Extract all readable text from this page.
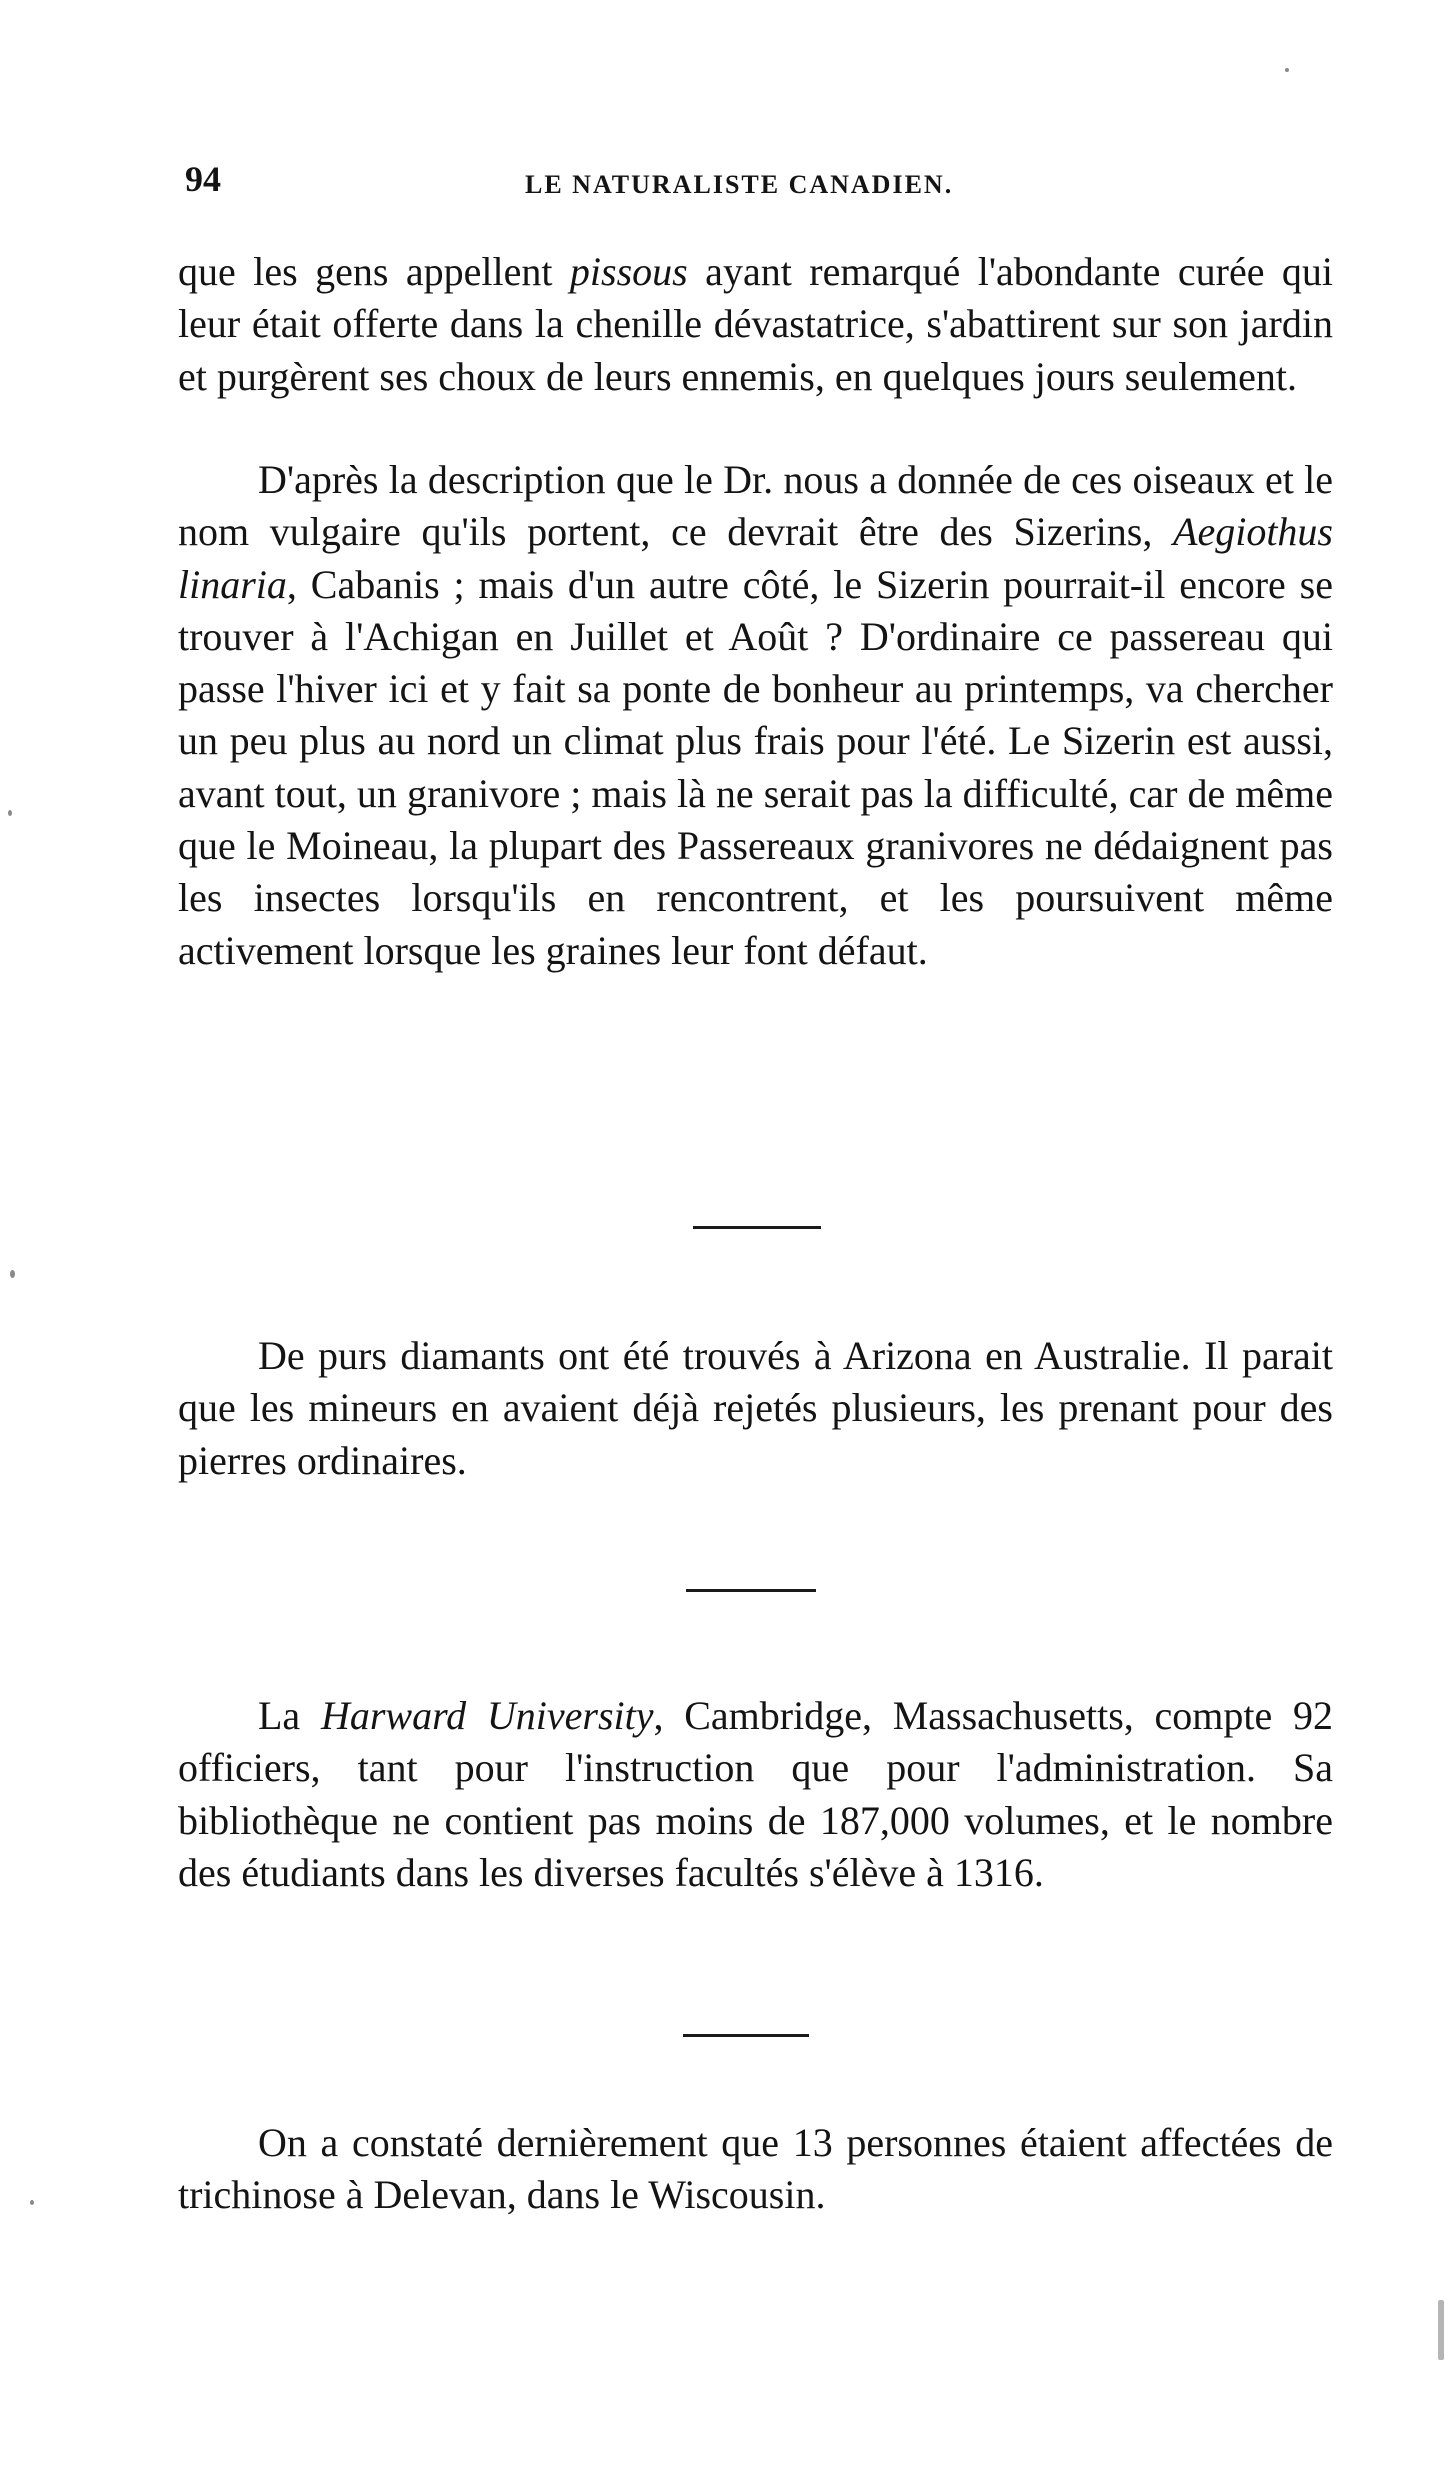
94	LE NATURALISTE CANADIEN.

que les gens appellent pissous ayant remarqué l'abondante curée qui leur était offerte dans la chenille dévastatrice, s'abattirent sur son jardin et purgèrent ses choux de leurs ennemis, en quelques jours seulement.

D'après la description que le Dr. nous a donnée de ces oiseaux et le nom vulgaire qu'ils portent, ce devrait être des Sizerins, Aegiothus linaria, Cabanis ; mais d'un autre côté, le Sizerin pourrait-il encore se trouver à l'Achigan en Juillet et Août ? D'ordinaire ce passereau qui passe l'hiver ici et y fait sa ponte de bonheur au printemps, va chercher un peu plus au nord un climat plus frais pour l'été. Le Sizerin est aussi, avant tout, un granivore ; mais là ne serait pas la difficulté, car de même que le Moineau, la plupart des Passereaux granivores ne dédaignent pas les insectes lorsqu'ils en rencontrent, et les poursuivent même activement lorsque les graines leur font défaut.

De purs diamants ont été trouvés à Arizona en Australie. Il parait que les mineurs en avaient déjà rejetés plusieurs, les prenant pour des pierres ordinaires.

La Harward University, Cambridge, Massachusetts, compte 92 officiers, tant pour l'instruction que pour l'administration. Sa bibliothèque ne contient pas moins de 187,000 volumes, et le nombre des étudiants dans les diverses facultés s'élève à 1316.

On a constaté dernièrement que 13 personnes étaient affectées de trichinose à Delevan, dans le Wiscousin.
